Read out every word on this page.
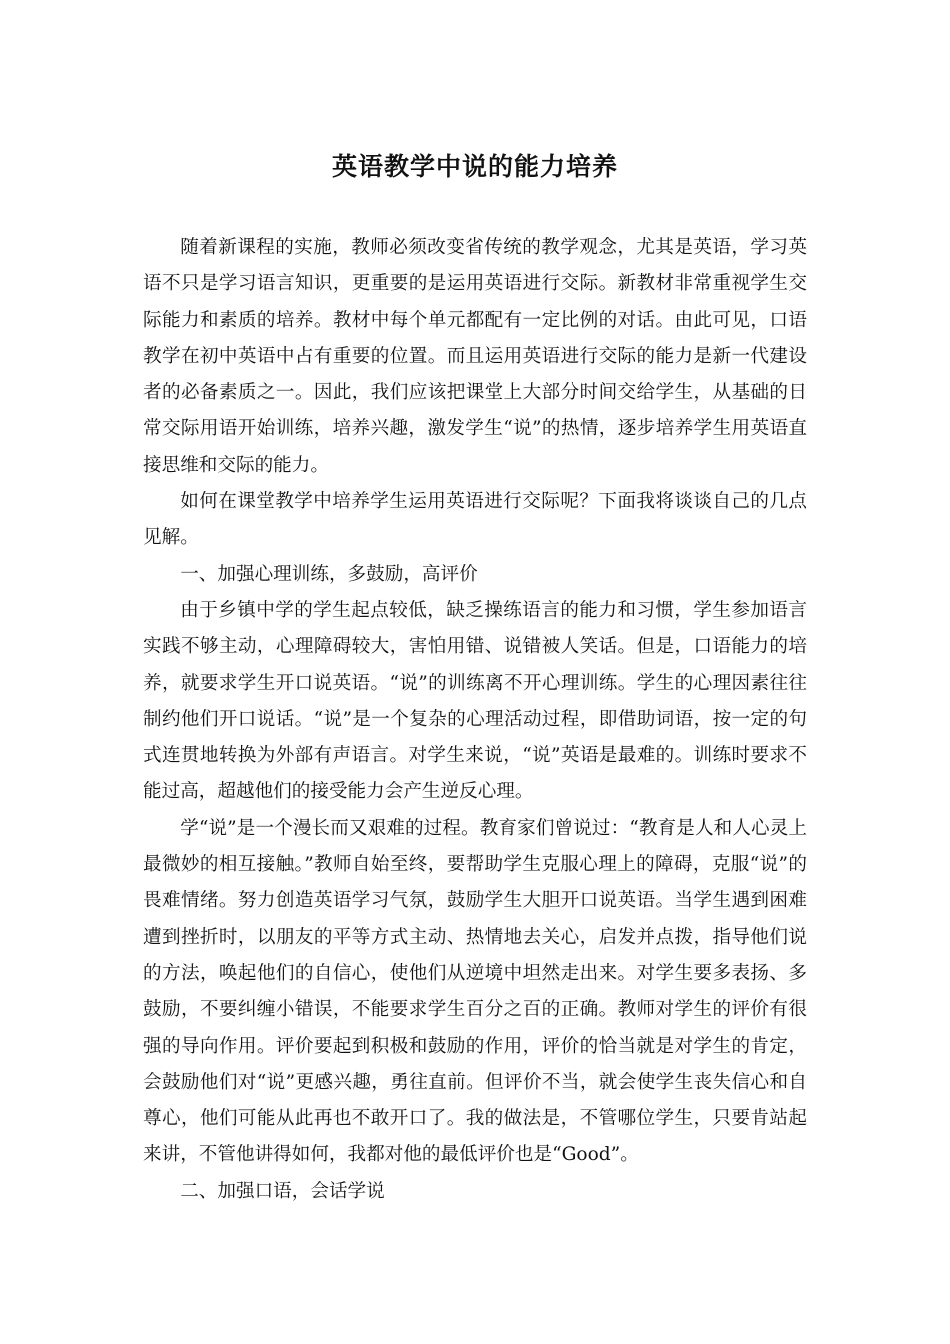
英语教学中说的能力培养

随着新课程的实施，教师必须改变省传统的教学观念，尤其是英语，学习英语不只是学习语言知识，更重要的是运用英语进行交际。新教材非常重视学生交际能力和素质的培养。教材中每个单元都配有一定比例的对话。由此可见，口语教学在初中英语中占有重要的位置。而且运用英语进行交际的能力是新一代建设者的必备素质之一。因此，我们应该把课堂上大部分时间交给学生，从基础的日常交际用语开始训练，培养兴趣，激发学生“说”的热情，逐步培养学生用英语直接思维和交际的能力。

如何在课堂教学中培养学生运用英语进行交际呢？下面我将谈谈自己的几点见解。

一、加强心理训练，多鼓励，高评价

由于乡镇中学的学生起点较低，缺乏操练语言的能力和习惯，学生参加语言实践不够主动，心理障碍较大，害怕用错、说错被人笑话。但是，口语能力的培养，就要求学生开口说英语。“说”的训练离不开心理训练。学生的心理因素往往制约他们开口说话。“说”是一个复杂的心理活动过程，即借助词语，按一定的句式连贯地转换为外部有声语言。对学生来说，“说”英语是最难的。训练时要求不能过高，超越他们的接受能力会产生逆反心理。

学“说”是一个漫长而又艰难的过程。教育家们曾说过：“教育是人和人心灵上最微妙的相互接触。”教师自始至终，要帮助学生克服心理上的障碍，克服“说”的畏难情绪。努力创造英语学习气氛，鼓励学生大胆开口说英语。当学生遇到困难遭到挫折时，以朋友的平等方式主动、热情地去关心，启发并点拨，指导他们说的方法，唤起他们的自信心，使他们从逆境中坦然走出来。对学生要多表扬、多鼓励，不要纠缠小错误，不能要求学生百分之百的正确。教师对学生的评价有很强的导向作用。评价要起到积极和鼓励的作用，评价的恰当就是对学生的肯定，会鼓励他们对“说”更感兴趣，勇往直前。但评价不当，就会使学生丧失信心和自尊心，他们可能从此再也不敢开口了。我的做法是，不管哪位学生，只要肯站起来讲，不管他讲得如何，我都对他的最低评价也是“Good”。

二、加强口语，会话学说
